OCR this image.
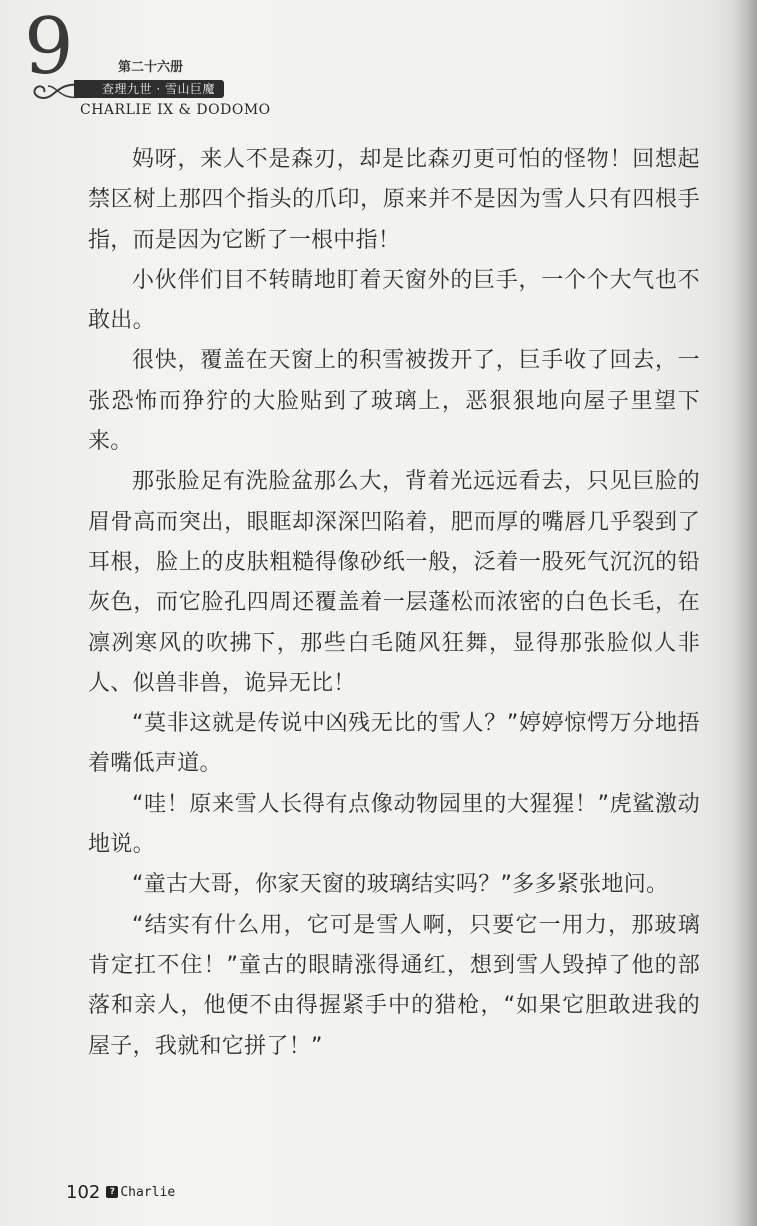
9	第二十六册
查理九世 · 雪山巨魔
CHARLIE IX & DODOMO

妈呀，来人不是森刃，却是比森刃更可怕的怪物！回想起禁区树上那四个指头的爪印，原来并不是因为雪人只有四根手指，而是因为它断了一根中指！

小伙伴们目不转睛地盯着天窗外的巨手，一个个大气也不敢出。

很快，覆盖在天窗上的积雪被拨开了，巨手收了回去，一张恐怖而狰狞的大脸贴到了玻璃上，恶狠狠地向屋子里望下来。

那张脸足有洗脸盆那么大，背着光远远看去，只见巨脸的眉骨高而突出，眼眶却深深凹陷着，肥而厚的嘴唇几乎裂到了耳根，脸上的皮肤粗糙得像砂纸一般，泛着一股死气沉沉的铅灰色，而它脸孔四周还覆盖着一层蓬松而浓密的白色长毛，在凛冽寒风的吹拂下，那些白毛随风狂舞，显得那张脸似人非人、似兽非兽，诡异无比！

“莫非这就是传说中凶残无比的雪人？”婷婷惊愕万分地捂着嘴低声道。

“哇！原来雪人长得有点像动物园里的大猩猩！”虎鲨激动地说。

“童古大哥，你家天窗的玻璃结实吗？”多多紧张地问。

“结实有什么用，它可是雪人啊，只要它一用力，那玻璃肯定扛不住！”童古的眼睛涨得通红，想到雪人毁掉了他的部落和亲人，他便不由得握紧手中的猎枪，“如果它胆敢进我的屋子，我就和它拼了！”

102	? Charlie
